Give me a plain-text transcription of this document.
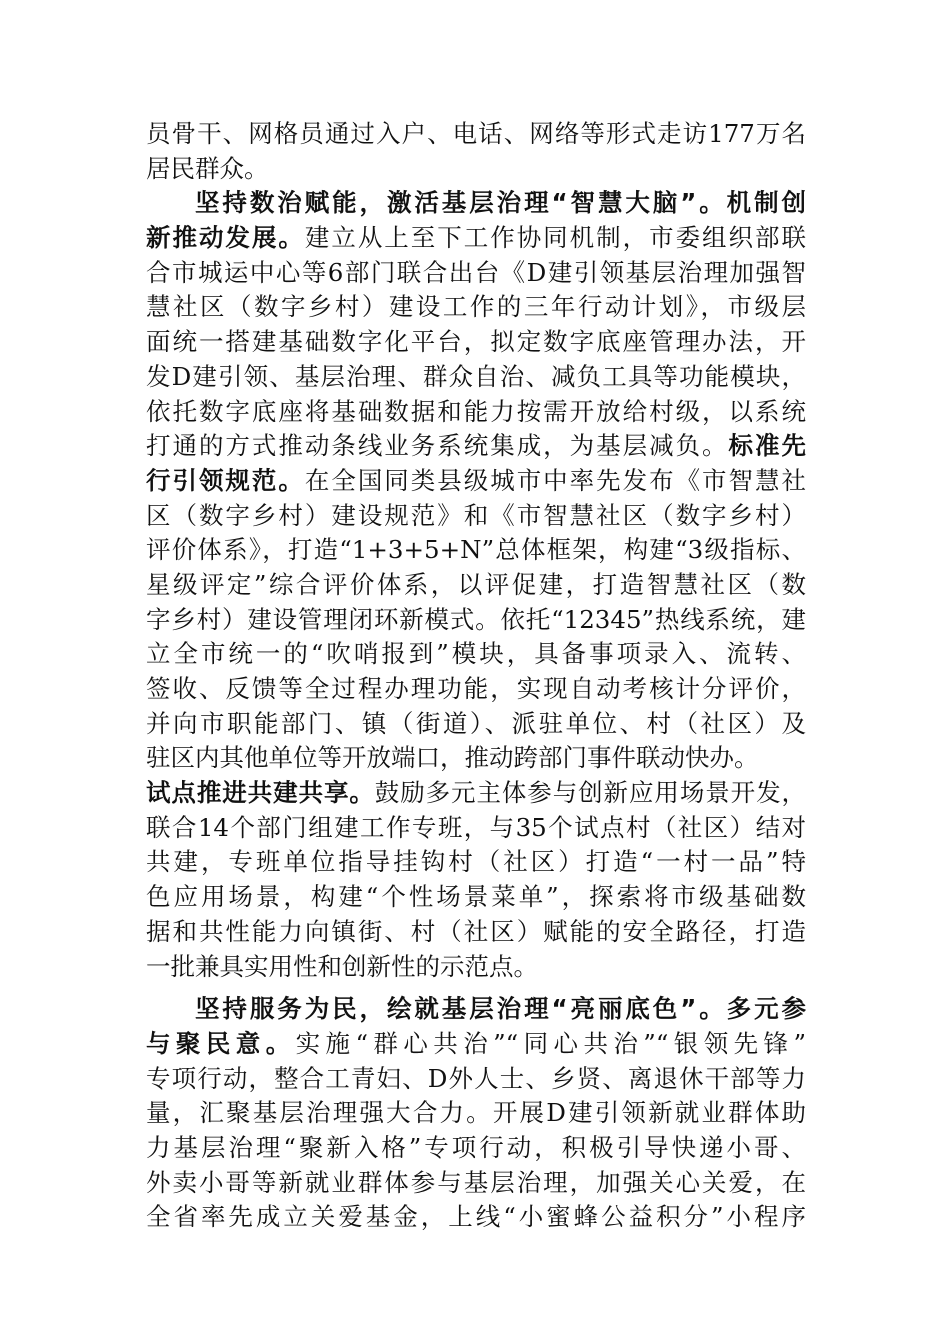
员骨干、网格员通过入户、电话、网络等形式走访177万名
居民群众。
坚持数治赋能，激活基层治理“智慧大脑”。机制创
新推动发展。建立从上至下工作协同机制，市委组织部联
合市城运中心等6部门联合出台《D建引领基层治理加强智
慧社区（数字乡村）建设工作的三年行动计划》，市级层
面统一搭建基础数字化平台，拟定数字底座管理办法，开
发D建引领、基层治理、群众自治、减负工具等功能模块，
依托数字底座将基础数据和能力按需开放给村级，以系统
打通的方式推动条线业务系统集成，为基层减负。标准先
行引领规范。在全国同类县级城市中率先发布《市智慧社
区（数字乡村）建设规范》和《市智慧社区（数字乡村）
评价体系》，打造“1+3+5+N”总体框架，构建“3级指标、
星级评定”综合评价体系，以评促建，打造智慧社区（数
字乡村）建设管理闭环新模式。依托“12345”热线系统，建
立全市统一的“吹哨报到”模块，具备事项录入、流转、
签收、反馈等全过程办理功能，实现自动考核计分评价，
并向市职能部门、镇（街道）、派驻单位、村（社区）及
驻区内其他单位等开放端口，推动跨部门事件联动快办。
试点推进共建共享。鼓励多元主体参与创新应用场景开发，
联合14个部门组建工作专班，与35个试点村（社区）结对
共建，专班单位指导挂钩村（社区）打造“一村一品”特
色应用场景，构建“个性场景菜单”，探索将市级基础数
据和共性能力向镇街、村（社区）赋能的安全路径，打造
一批兼具实用性和创新性的示范点。
坚持服务为民，绘就基层治理“亮丽底色”。多元参
与聚民意。实施“群心共治”“同心共治”“银领先锋”
专项行动，整合工青妇、D外人士、乡贤、离退休干部等力
量，汇聚基层治理强大合力。开展D建引领新就业群体助
力基层治理“聚新入格”专项行动，积极引导快递小哥、
外卖小哥等新就业群体参与基层治理，加强关心关爱，在
全省率先成立关爱基金，上线“小蜜蜂公益积分”小程序
